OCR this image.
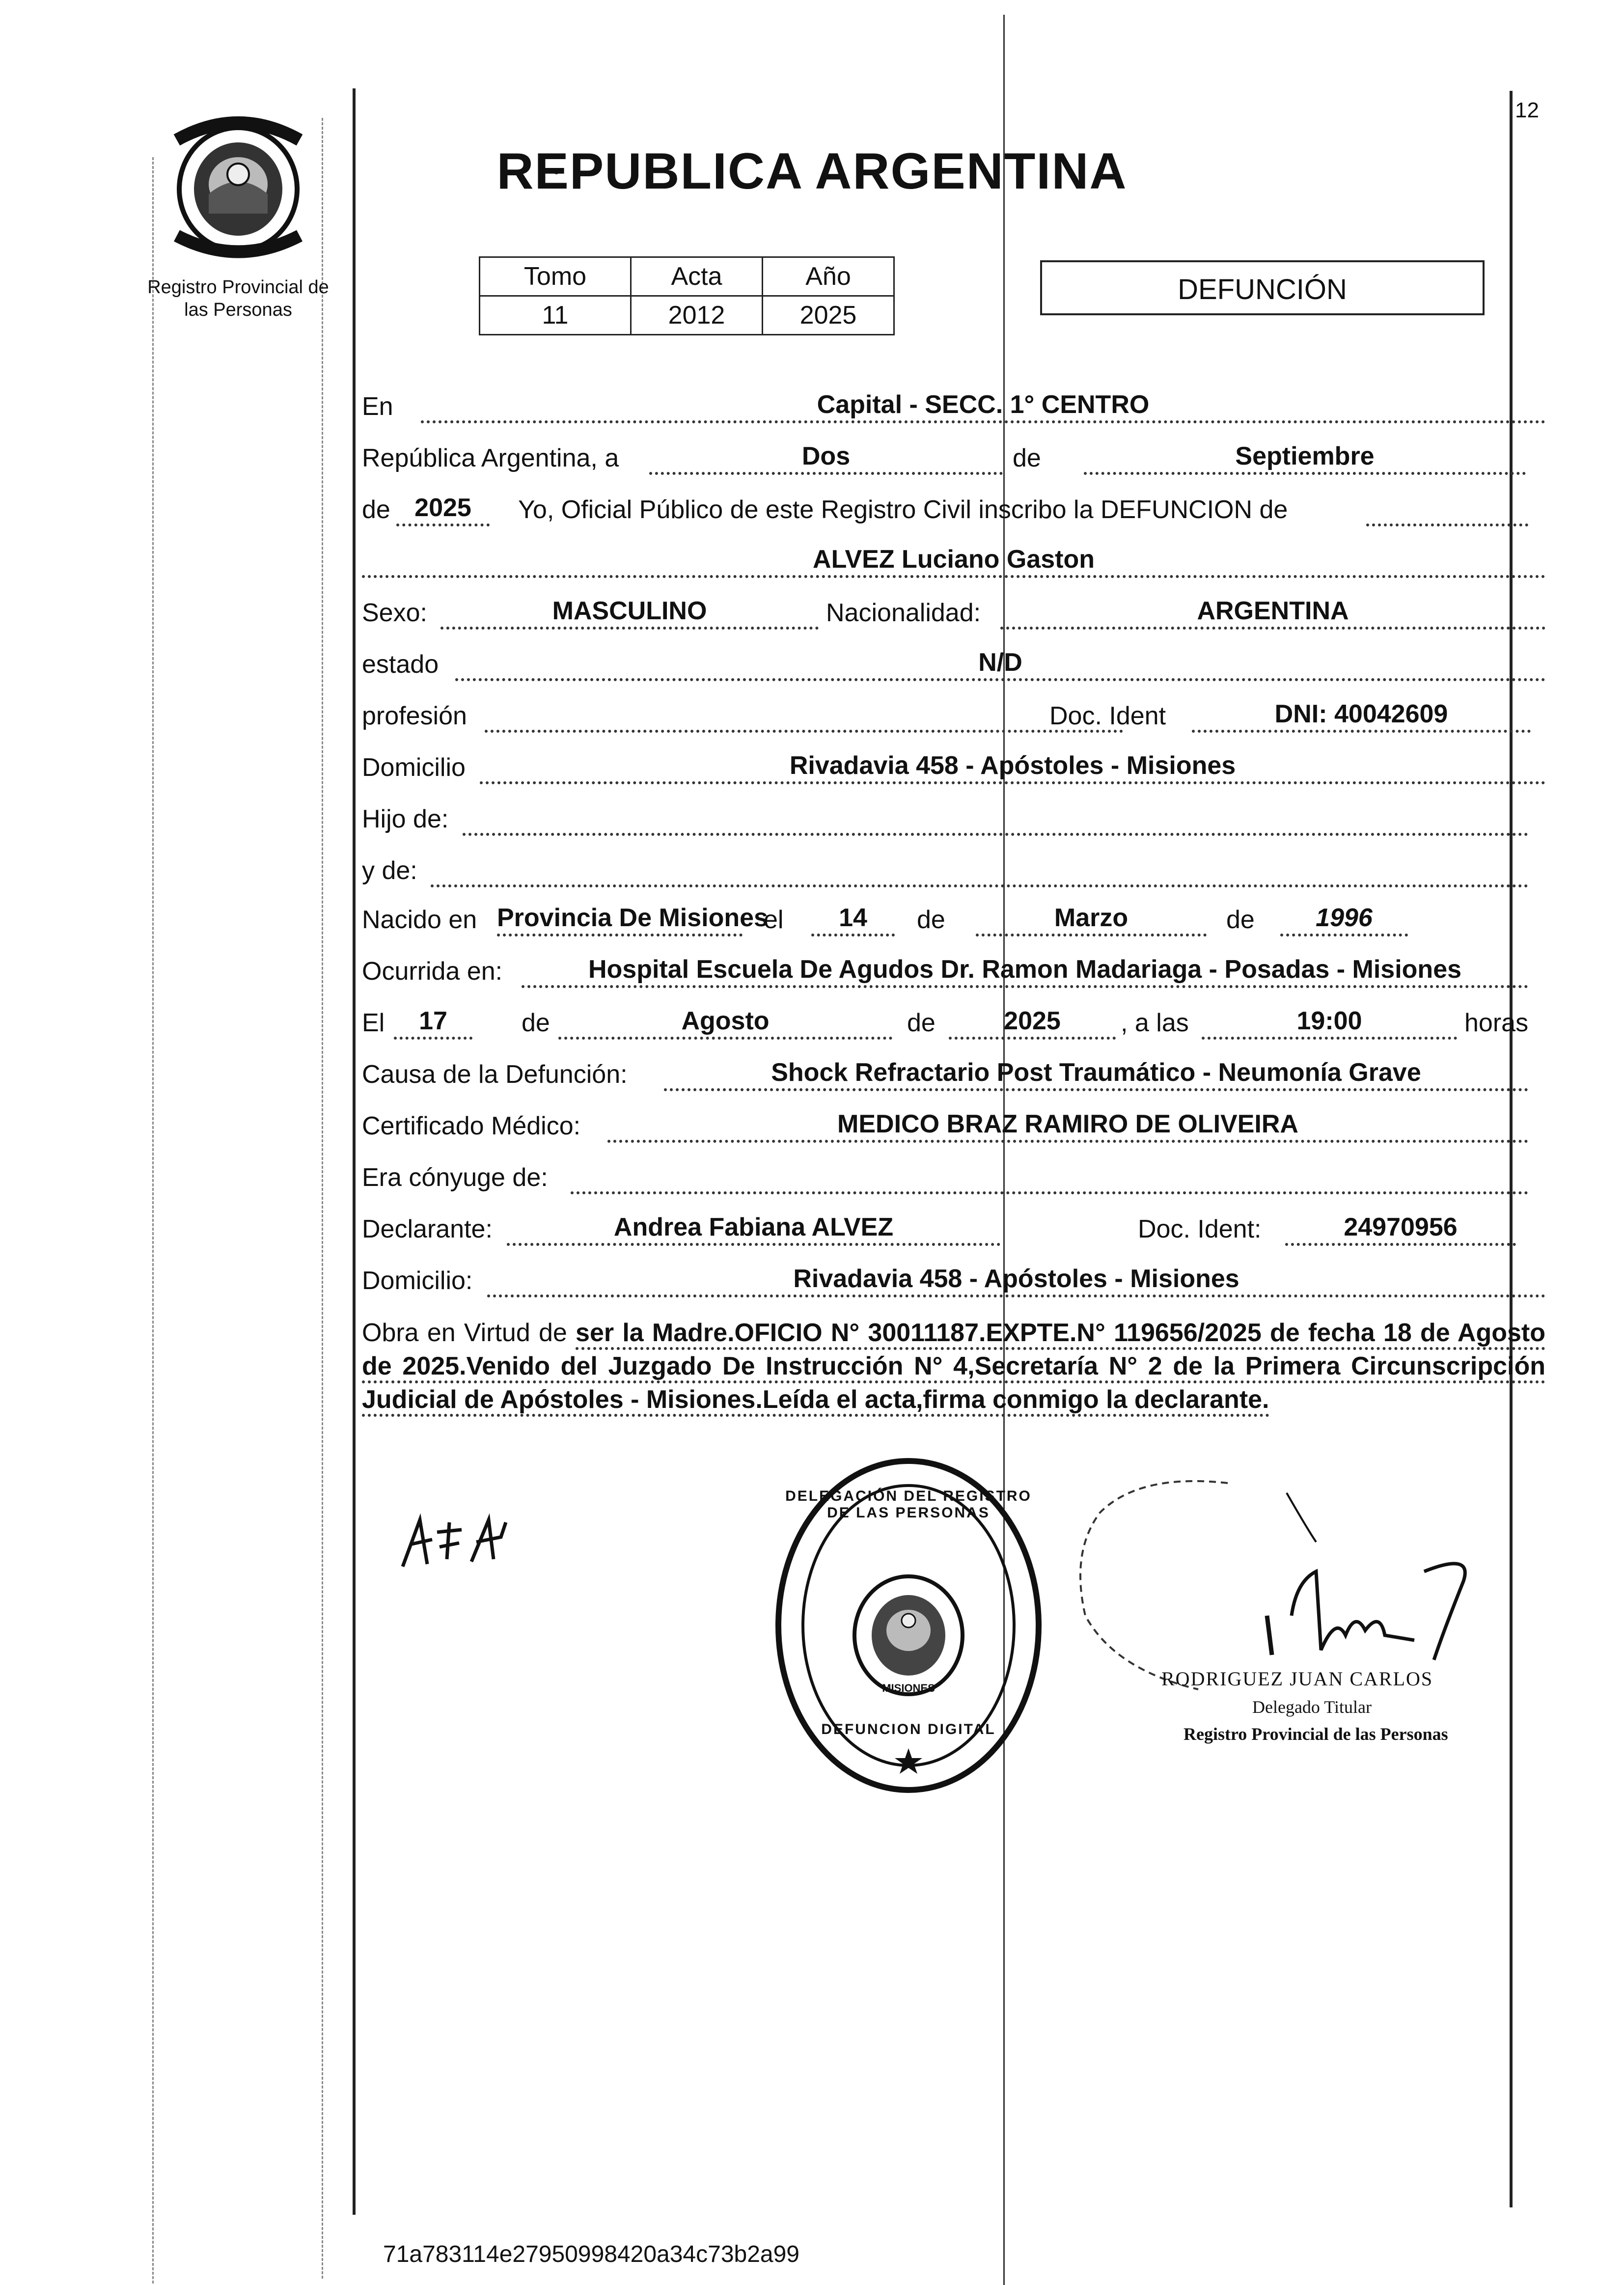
Registro Provincial de
las Personas
12
REPUBLICA ARGENTINA
Tomo	Acta	Año
11	2012	2025
DEFUNCIÓN
En	Capital - SECC. 1° CENTRO
República Argentina, a	Dos	de	Septiembre
de 2025	Yo, Oficial Público de este Registro Civil inscribo la DEFUNCION de
ALVEZ Luciano Gaston
Sexo:	MASCULINO	Nacionalidad:	ARGENTINA
estado	N/D
profesión	Doc. Ident	DNI: 40042609
Domicilio	Rivadavia 458 - Apóstoles - Misiones
Hijo de:
y de:
Nacido en Provincia De Misiones
el	14	de	Marzo	de	1996
Ocurrida en:	Hospital Escuela De Agudos Dr. Ramon Madariaga - Posadas - Misiones
El	17	de	Agosto	de	2025	, a las	19:00	horas
Causa de la Defunción:	Shock Refractario Post Traumático - Neumonía Grave
Certificado Médico:	MEDICO BRAZ RAMIRO DE OLIVEIRA
Era cónyuge de:
Declarante:	Andrea Fabiana ALVEZ	Doc. Ident:	24970956
Domicilio:	Rivadavia 458 - Apóstoles - Misiones
Obra en Virtud de ser la Madre.OFICIO N° 30011187.EXPTE.N° 119656/2025 de fecha 18 de Agosto de 2025.Venido del Juzgado De Instrucción N° 4,Secretaría N° 2 de la Primera Circunscripción Judicial de Apóstoles - Misiones.Leída el acta,firma conmigo la declarante.
DELEGACIÓN DEL REGISTRO DE LAS PERSONAS
DEFUNCION DIGITAL
MISIONES	RODRIGUEZ JUAN CARLOS
Delegado Titular
Registro Provincial de las Personas
71a783114e27950998420a34c73b2a99
